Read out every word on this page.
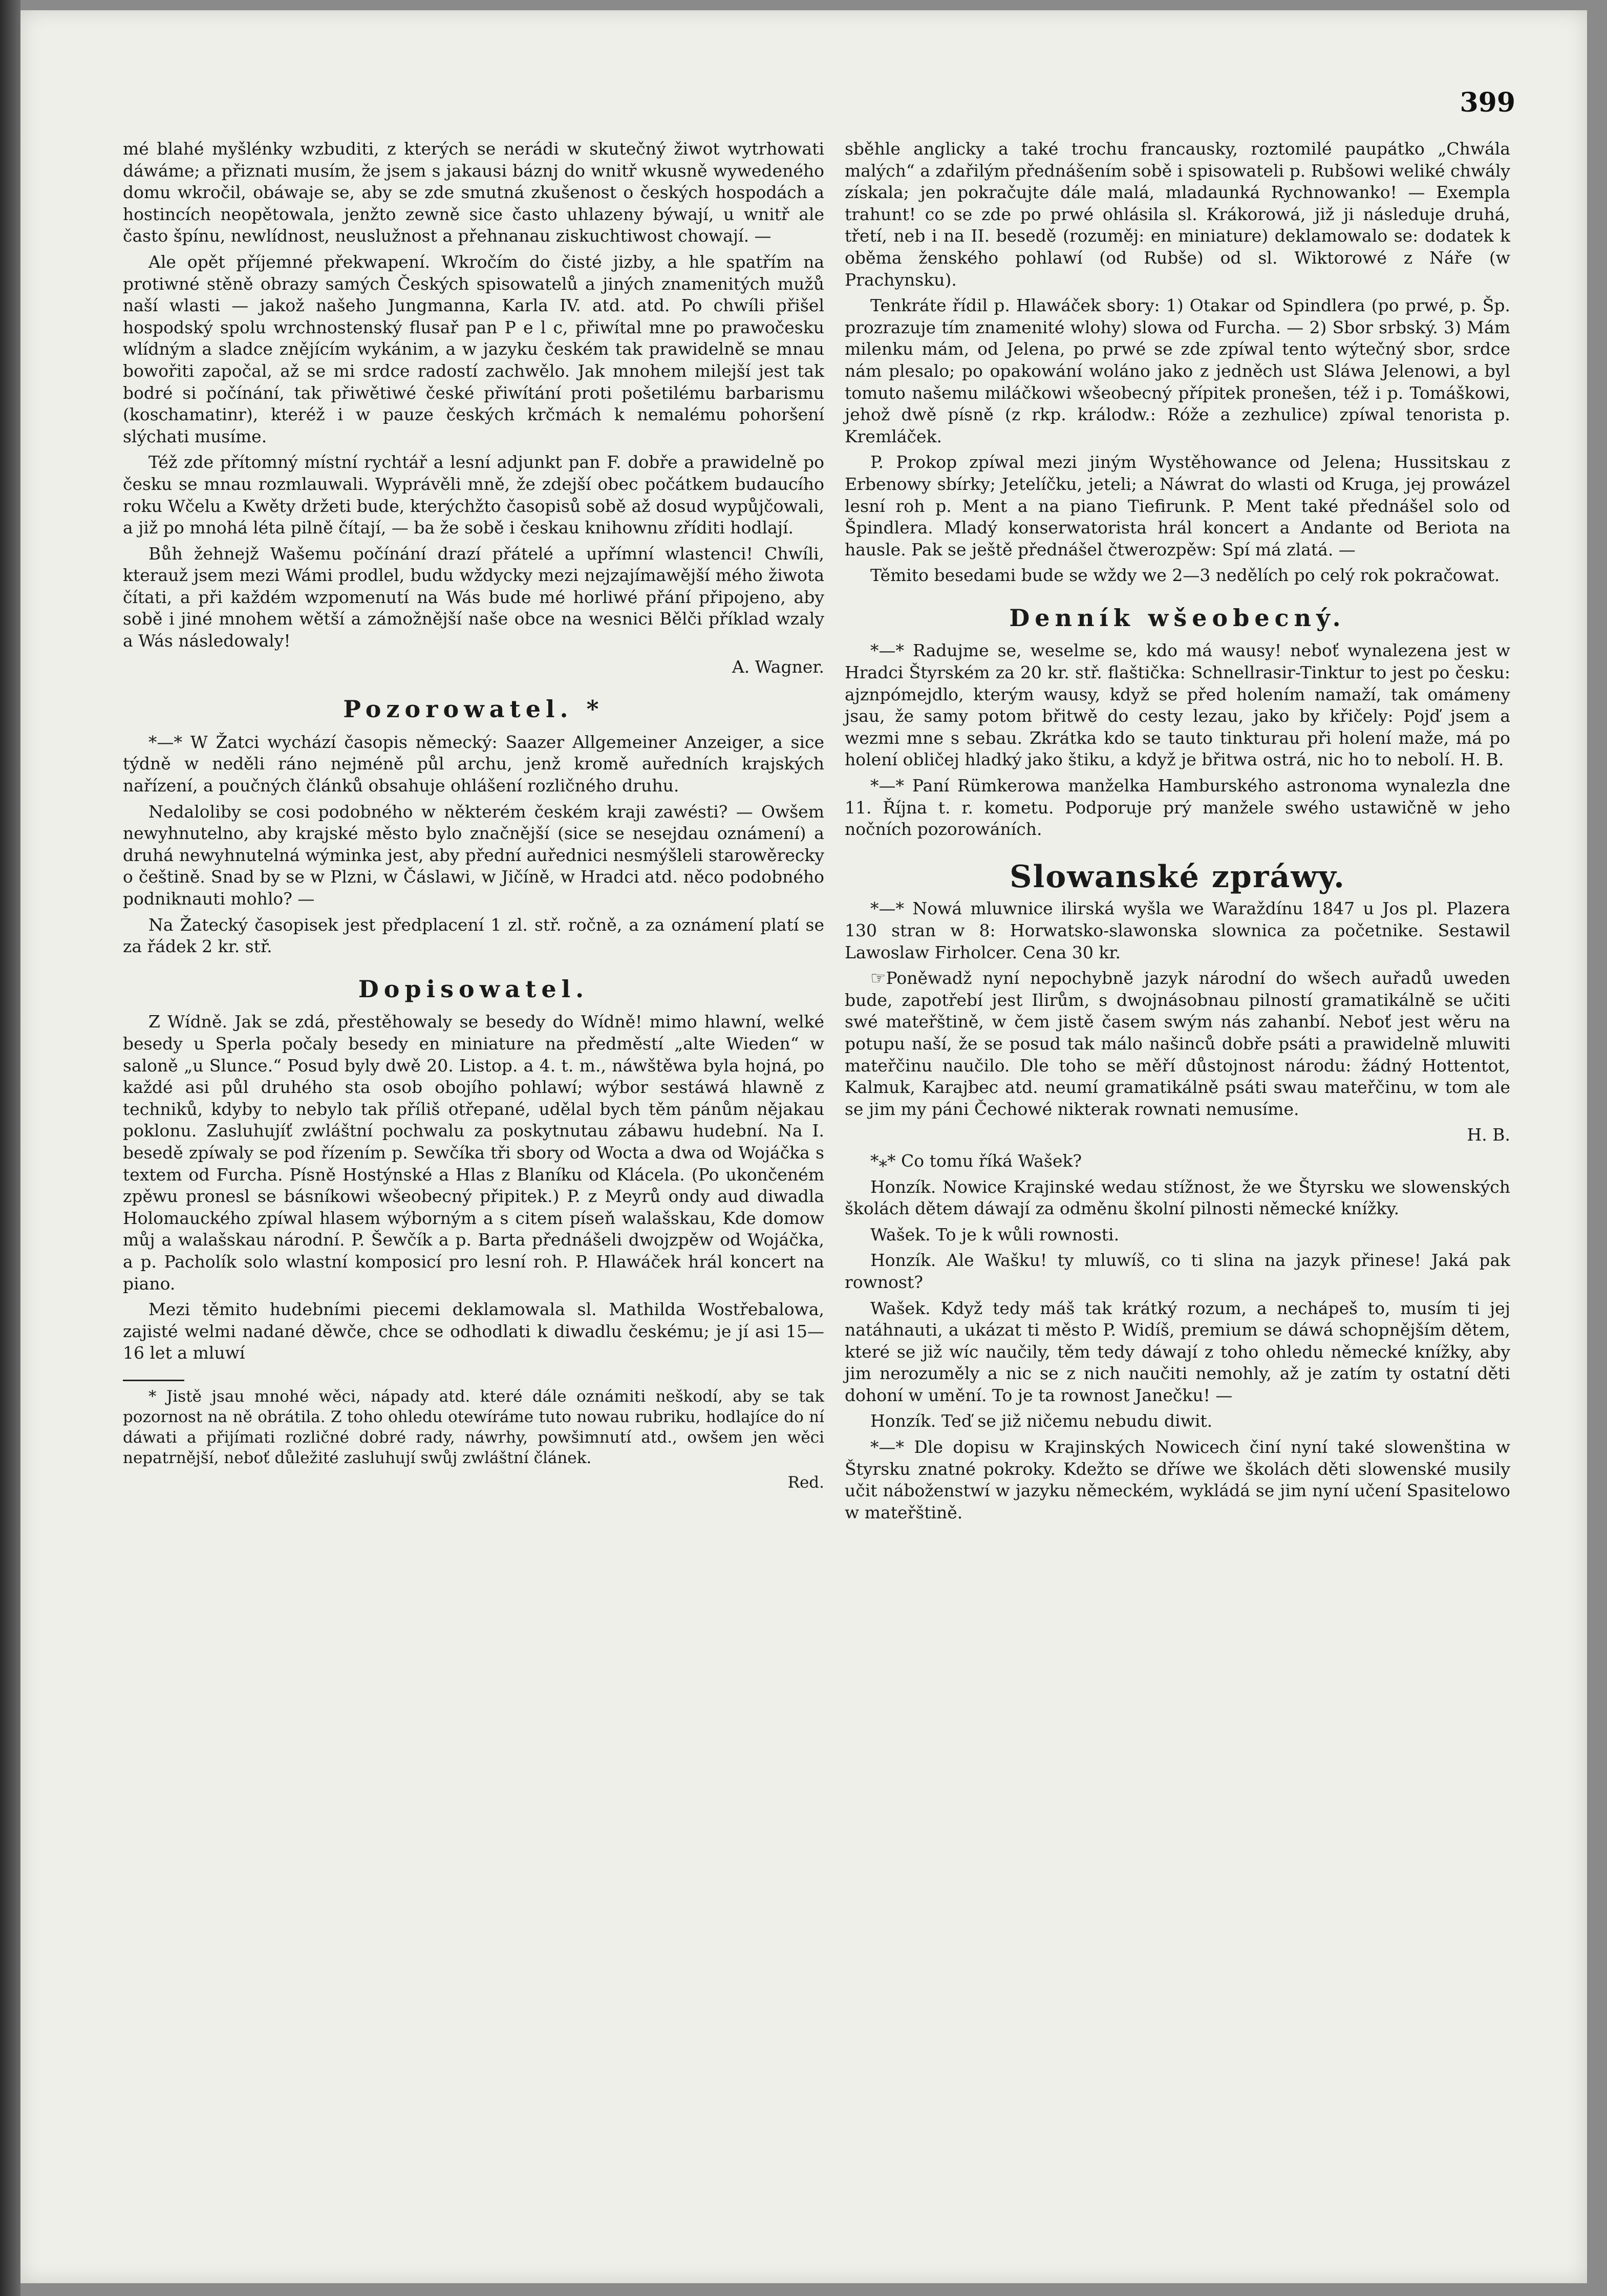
399

mé blahé myšlénky wzbuditi, z kterých se nerádi w skutečný žiwot wytrhowati dáwáme; a přiznati musím, že jsem s jakausi báznj do wnitř wkusně wywedeného domu wkročil, obáwaje se, aby se zde smutná zkušenost o českých hospodách a hostincích neopětowala, jenžto zewně sice často uhlazeny býwají, u wnitř ale často špínu, newlídnost, neuslužnost a přehnanau ziskuchtiwost chowají. —

Ale opět příjemné překwapení. Wkročím do čisté jizby, a hle spatřím na protiwné stěně obrazy samých Českých spisowatelů a jiných znamenitých mužů naší wlasti — jakož našeho Jungmanna, Karla IV. atd. atd. Po chwíli přišel hospodský spolu wrchnostenský flusař pan P e l c, přiwítal mne po prawočesku wlídným a sladce znějícím wykánim, a w jazyku českém tak prawidelně se mnau bowořiti započal, až se mi srdce radostí zachwělo. Jak mnohem milejší jest tak bodré si počínání, tak přiwětiwé české přiwítání proti pošetilému barbarismu (koschamatinr), kteréž i w pauze českých krčmách k nemalému pohoršení slýchati musíme.

Též zde přítomný místní rychtář a lesní adjunkt pan F. dobře a prawidelně po česku se mnau rozmlauwali. Wyprávěli mně, že zdejší obec počátkem budaucího roku Wčelu a Kwěty držeti bude, kterýchžto časopisů sobě až dosud wypůjčowali, a již po mnohá léta pilně čítají, — ba že sobě i českau knihownu zříditi hodlají.

Bůh žehnejž Wašemu počínání drazí přátelé a upřímní wlastenci! Chwíli, kterauž jsem mezi Wámi prodlel, budu wždycky mezi nejzajímawější mého žiwota čítati, a při každém wzpomenutí na Wás bude mé horliwé přání připojeno, aby sobě i jiné mnohem wětší a zámožnější naše obce na wesnici Bělči příklad wzaly a Wás následowaly!

A. Wagner.

Pozorowatel. *

*—* W Žatci wychází časopis německý: Saazer Allgemeiner Anzeiger, a sice týdně w neděli ráno nejméně půl archu, jenž kromě auředních krajských nařízení, a poučných článků obsahuje ohlášení rozličného druhu.

Nedaloliby se cosi podobného w některém českém kraji zawésti? — Owšem newyhnutelno, aby krajské město bylo značnější (sice se nesejdau oznámení) a druhá newyhnutelná wýminka jest, aby přední auřednici nesmýšleli starowěrecky o češtině. Snad by se w Plzni, w Čáslawi, w Jičíně, w Hradci atd. něco podobného podniknauti mohlo? —

Na Žatecký časopisek jest předplacení 1 zl. stř. ročně, a za oznámení platí se za řádek 2 kr. stř.

Dopisowatel.

Z Wídně. Jak se zdá, přestěhowaly se besedy do Wídně! mimo hlawní, welké besedy u Sperla počaly besedy en miniature na předměstí „alte Wieden“ w saloně „u Slunce.“ Posud byly dwě 20. Listop. a 4. t. m., náwštěwa byla hojná, po každé asi půl druhého sta osob obojího pohlawí; wýbor sestáwá hlawně z techniků, kdyby to nebylo tak příliš otřepané, udělal bych těm pánům nějakau poklonu. Zasluhujíť zwláštní pochwalu za poskytnutau zábawu hudební. Na I. besedě zpíwaly se pod řízením p. Sewčíka tři sbory od Wocta a dwa od Wojáčka s textem od Furcha. Písně Hostýnské a Hlas z Blaníku od Klácela. (Po ukončeném zpěwu pronesl se básníkowi wšeobecný připitek.) P. z Meyrů ondy aud diwadla Holomauckého zpíwal hlasem wýborným a s citem píseň walašskau, Kde domow můj a walašskau národní. P. Šewčík a p. Barta přednášeli dwojzpěw od Wojáčka, a p. Pacholík solo wlastní komposicí pro lesní roh. P. Hlawáček hrál koncert na piano.

Mezi těmito hudebními piecemi deklamowala sl. Mathilda Wostřebalowa, zajisté welmi nadané děwče, chce se odhodlati k diwadlu českému; je jí asi 15—16 let a mluwí

* Jistě jsau mnohé wěci, nápady atd. které dále oznámiti neškodí, aby se tak pozornost na ně obrátila. Z toho ohledu otewíráme tuto nowau rubriku, hodlajíce do ní dáwati a přijímati rozličné dobré rady, náwrhy, powšimnutí atd., owšem jen wěci nepatrnější, neboť důležité zasluhují swůj zwláštní článek.

Red.

sběhle anglicky a také trochu francausky, roztomilé paupátko „Chwála malých“ a zdařilým přednášením sobě i spisowateli p. Rubšowi weliké chwály získala; jen pokračujte dále malá, mladaunká Rychnowanko! — Exempla trahunt! co se zde po prwé ohlásila sl. Krákorowá, již ji následuje druhá, třetí, neb i na II. besedě (rozuměj: en miniature) deklamowalo se: dodatek k oběma ženského pohlawí (od Rubše) od sl. Wiktorowé z Náře (w Prachynsku).

Tenkráte řídil p. Hlawáček sbory: 1) Otakar od Spindlera (po prwé, p. Šp. prozrazuje tím znamenité wlohy) slowa od Furcha. — 2) Sbor srbský. 3) Mám milenku mám, od Jelena, po prwé se zde zpíwal tento wýtečný sbor, srdce nám plesalo; po opakowání woláno jako z jedněch ust Sláwa Jelenowi, a byl tomuto našemu miláčkowi wšeobecný přípitek pronešen, též i p. Tomáškowi, jehož dwě písně (z rkp. králodw.: Róže a zezhulice) zpíwal tenorista p. Kremláček.

P. Prokop zpíwal mezi jiným Wystěhowance od Jelena; Hussitskau z Erbenowy sbírky; Jetelíčku, jeteli; a Náwrat do wlasti od Kruga, jej prowázel lesní roh p. Ment a na piano Tiefirunk. P. Ment také přednášel solo od Špindlera. Mladý konserwatorista hrál koncert a Andante od Beriota na hausle. Pak se ještě přednášel čtwerozpěw: Spí má zlatá. —

Těmito besedami bude se wždy we 2—3 nedělích po celý rok pokračowat.

Denník wšeobecný.

*—* Radujme se, weselme se, kdo má wausy! neboť wynalezena jest w Hradci Štyrském za 20 kr. stř. flaštička: Schnellrasir-Tinktur to jest po česku: ajznpómejdlo, kterým wausy, když se před holením namaží, tak omámeny jsau, že samy potom břitwě do cesty lezau, jako by křičely: Pojď jsem a wezmi mne s sebau. Zkrátka kdo se tauto tinkturau při holení maže, má po holení obličej hladký jako štiku, a když je břitwa ostrá, nic ho to nebolí. H. B.

*—* Paní Rümkerowa manželka Hamburského astronoma wynalezla dne 11. Října t. r. kometu. Podporuje prý manžele swého ustawičně w jeho nočních pozorowáních.

Slowanské zpráwy.

*—* Nowá mluwnice ilirská wyšla we Waraždínu 1847 u Jos pl. Plazera 130 stran w 8: Horwatsko-slawonska slownica za početnike. Sestawil Lawoslaw Firholcer. Cena 30 kr.

☞Poněwadž nyní nepochybně jazyk národní do wšech auřadů uweden bude, zapotřebí jest Ilirům, s dwojnásobnau pilností gramatikálně se učiti swé mateřštině, w čem jistě časem swým nás zahanbí. Neboť jest wěru na potupu naší, že se posud tak málo našinců dobře psáti a prawidelně mluwiti mateřčinu naučilo. Dle toho se měří důstojnost národu: žádný Hottentot, Kalmuk, Karajbec atd. neumí gramatikálně psáti swau mateřčinu, w tom ale se jim my páni Čechowé nikterak rownati nemusíme.

H. B.

*⁎* Co tomu říká Wašek?

Honzík. Nowice Krajinské wedau stížnost, že we Štyrsku we slowenských školách dětem dáwají za odměnu školní pilnosti německé knížky.

Wašek. To je k wůli rownosti.

Honzík. Ale Wašku! ty mluwíš, co ti slina na jazyk přinese! Jaká pak rownost?

Wašek. Když tedy máš tak krátký rozum, a nechápeš to, musím ti jej natáhnauti, a ukázat ti město P. Widíš, premium se dáwá schopnějším dětem, které se již wíc naučily, těm tedy dáwají z toho ohledu německé knížky, aby jim nerozuměly a nic se z nich naučiti nemohly, až je zatím ty ostatní děti dohoní w umění. To je ta rownost Janečku! —

Honzík. Teď se již ničemu nebudu diwit.

*—* Dle dopisu w Krajinských Nowicech činí nyní také slowenština w Štyrsku znatné pokroky. Kdežto se dříwe we školách děti slowenské musily učit náboženstwí w jazyku německém, wykládá se jim nyní učení Spasitelowo w mateřštině.
